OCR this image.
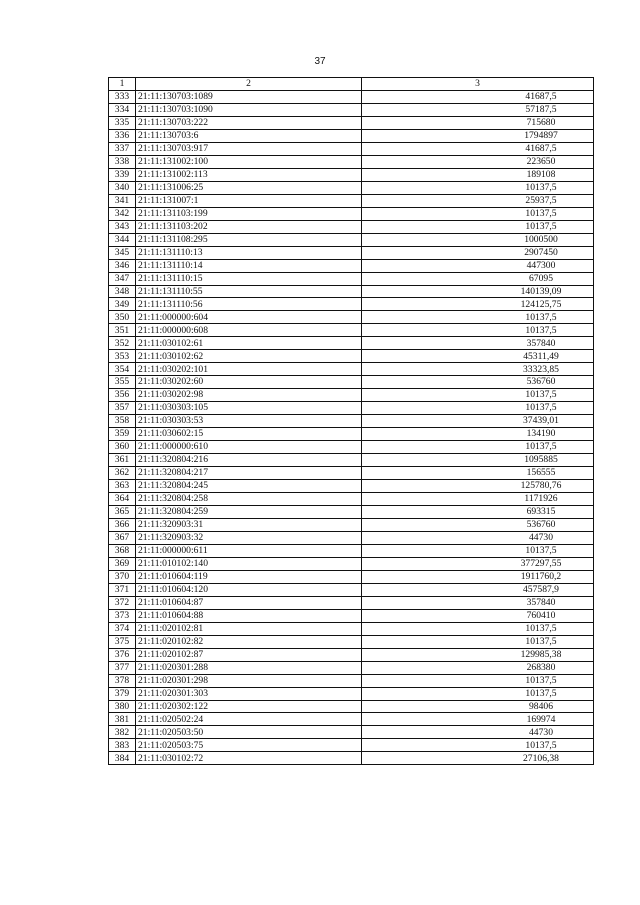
37
1	2	3
333	21:11:130703:1089	41687,5
334	21:11:130703:1090	57187,5
335	21:11:130703:222	715680
336	21:11:130703:6	1794897
337	21:11:130703:917	41687,5
338	21:11:131002:100	223650
339	21:11:131002:113	189108
340	21:11:131006:25	10137,5
341	21:11:131007:1	25937,5
342	21:11:131103:199	10137,5
343	21:11:131103:202	10137,5
344	21:11:131108:295	1000500
345	21:11:131110:13	2907450
346	21:11:131110:14	447300
347	21:11:131110:15	67095
348	21:11:131110:55	140139,09
349	21:11:131110:56	124125,75
350	21:11:000000:604	10137,5
351	21:11:000000:608	10137,5
352	21:11:030102:61	357840
353	21:11:030102:62	45311,49
354	21:11:030202:101	33323,85
355	21:11:030202:60	536760
356	21:11:030202:98	10137,5
357	21:11:030303:105	10137,5
358	21:11:030303:53	37439,01
359	21:11:030602:15	134190
360	21:11:000000:610	10137,5
361	21:11:320804:216	1095885
362	21:11:320804:217	156555
363	21:11:320804:245	125780,76
364	21:11:320804:258	1171926
365	21:11:320804:259	693315
366	21:11:320903:31	536760
367	21:11:320903:32	44730
368	21:11:000000:611	10137,5
369	21:11:010102:140	377297,55
370	21:11:010604:119	1911760,2
371	21:11:010604:120	457587,9
372	21:11:010604:87	357840
373	21:11:010604:88	760410
374	21:11:020102:81	10137,5
375	21:11:020102:82	10137,5
376	21:11:020102:87	129985,38
377	21:11:020301:288	268380
378	21:11:020301:298	10137,5
379	21:11:020301:303	10137,5
380	21:11:020302:122	98406
381	21:11:020502:24	169974
382	21:11:020503:50	44730
383	21:11:020503:75	10137,5
384	21:11:030102:72	27106,38
